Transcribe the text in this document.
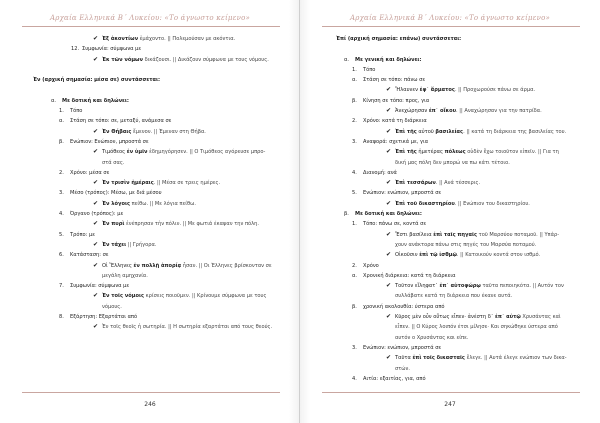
Αρχαία Ελληνικά Β΄ Λυκείου: «Το άγνωστο κείμενο»
✔ Ἐξ ἀκοντίων ἐμάχοντο. || Πολεμούσαν με ακόντια.
12. Συμφωνία: σύμφωνα με
✔ Ἐκ τῶν νόμων δικάζουσι. || Δικάζουν σύμφωνα με τους νόμους.

Ἐν (αρχική σημασία: μέσα σε) συντάσσεται:

α. Με δοτική και δηλώνει:
1. Τόπο
α. Στάση σε τόπο: σε, μεταξύ, ανάμεσα σε
✔ Ἐν Θήβαις ἔμενον. || Έμεναν στη Θήβα.
β. Ενώπιον: Ενώπιον, μπροστά σε
✔ Τιμόθεος ἐν ὑμῖν ἐδημηγόρησεν. || Ο Τιμόθεος αγόρευσε μπρο-
στά σας.
2. Χρόνο: μέσα σε
✔ Ἐν τρισὶν ἡμέραις. || Μέσα σε τρεις ημέρες.
3. Μέσο (τρόπος): Μέσω, με διά μέσου
✔ Ἐν λόγοις πείθω. || Με λόγια πείθω.
4. Όργανο (τρόπος): με
✔ Ἐν πυρὶ ἐνέπρησαν τὴν πόλιν. || Με φωτιά έκαψαν την πόλη.
5. Τρόπο: με
✔ Ἐν τάχει || Γρήγορα.
6. Κατάσταση: σε
✔ Οἱ Ἕλληνες ἐν πολλῇ ἀπορίᾳ ἦσαν. || Οι Έλληνες βρίσκονταν σε
μεγάλη αμηχανία.
7. Συμφωνία: σύμφωνα με
✔ Ἐν τοῖς νόμοις κρίσεις ποιοῦμεν. || Κρίνουμε σύμφωνα με τους
νόμους.
8. Εξάρτηση: Εξαρτάται από
✔ Ἐν τοῖς θεοῖς ἡ σωτηρία. || Η σωτηρία εξαρτάται από τους θεούς.
246
Αρχαία Ελληνικά Β΄ Λυκείου: «Το άγνωστο κείμενο»
Ἐπί (αρχική σημασία: επάνω) συντάσσεται:

α. Με γενική και δηλώνει:
1. Τόπο
α. Στάση σε τόπο: πάνω σε
✔ Ἤλαυνεν ἐφ᾽ ἅρματος. || Προχωρούσε πάνω σε άρμα.
β. Κίνηση σε τόπο: προς, για
✔ Ἀνεχώρησαν ἐπ᾽ οἴκου. || Αναχώρησαν για την πατρίδα.
2. Χρόνο: κατά τη διάρκεια
✔ Ἐπὶ τῆς αὐτοῦ βασιλείας. || κατά τη διάρκεια της βασιλείας του.
3. Αναφορά: σχετικά με, για
✔ Ἐπὶ τῆς ἡμετέρας πόλεως οὐδὲν ἔχω τοιοῦτον εἰπεῖν. || Για τη
δική μας πόλη δεν μπορώ να πω κάτι τέτοιο.
4. Διανομή: ανά
✔ Ἐπὶ τεσσάρων. || Ανά τέσσερις.
5. Ενώπιον: ενώπιον, μπροστά σε
✔ Ἐπὶ τοῦ δικαστηρίου. || Ενώπιον του δικαστηρίου.
β. Με δοτική και δηλώνει:
1. Τόπο: πάνω σε, κοντά σε
✔ Ἔστι βασίλεια ἐπὶ ταῖς πηγαῖς τοῦ Μαρσύου ποταμοῦ. || Υπάρ-
χουν ανάκτορα πάνω στις πηγές του Μαρσύα ποταμού.
✔ Οἰκοῦσιν ἐπὶ τῷ ἰσθμῷ. || Κατοικούν κοντά στον ισθμό.
2. Χρόνο
α. Χρονική διάρκεια: κατά τη διάρκεια
✔ Τοῦτον εἴληφατ᾽ ἐπ᾽ αὐτοφώρῳ ταῦτα πεποιηκότα. || Αυτόν τον
συλλάβατε κατά τη διάρκεια που έκανε αυτά.
β. χρονική ακολουθία: ύστερα από
✔ Κῦρος μὲν οὖν οὕτως εἶπεν· ἀνέστη δ᾽ ἐπ᾽ αὐτῷ Χρυσάντας καὶ
εἶπεν. || Ο Κύρος λοιπόν έτσι μίλησε· Και σηκώθηκε ύστερα από
αυτόν ο Χρυσάντας και είπε.
3. Ενώπιον: ενώπιον, μπροστά σε
✔ Ταῦτα ἐπὶ τοῖς δικασταῖς ἔλεγε. || Αυτά έλεγε ενώπιον των δικα-
στών.
4. Αιτία: εξαιτίας, για, από
247
